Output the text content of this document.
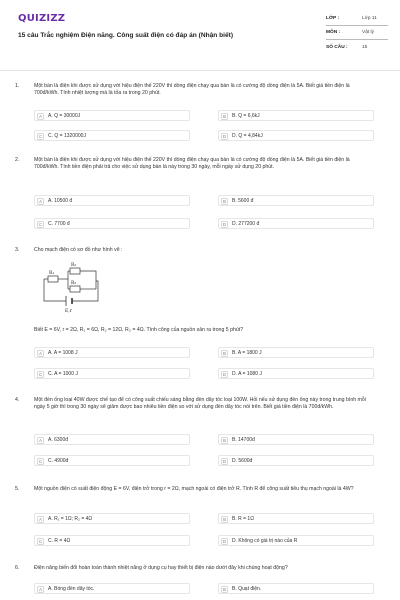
QUIZIZZ
15 câu Trắc nghiệm Điện năng. Công suất điện có đáp án (Nhận biết)
LỚP :	Lớp 11
MÔN :	Vật lý
SỐ CÂU :	15
1.	Một bàn là điện khi được sử dụng với hiệu điện thế 220V thì dòng điện chạy qua bàn là có cường độ dòng điện là 5A. Biết giá tiền điện là 700đ/kWh. Tính nhiệt lượng mà là tỏa ra trong 20 phút.
A	A. Q = 30000J	B	B. Q = 6,6kJ
C	C. Q = 1320000J	D	D. Q = 4,84kJ
2.	Một bàn là điện khi được sử dụng với hiệu điện thế 220V thì dòng điện chạy qua bàn là có cường độ dòng điện là 5A. Biết giá tiền điện là 700đ/kWh. Tính tiền điện phải trả cho việc sử dụng bàn là này trong 30 ngày, mỗi ngày sử dụng 20 phút.
A	A. 10500 đ	B	B. 5600 đ
C	C. 7700 đ	D	D. 277200 đ
3.	Cho mạch điện có sơ đồ như hình vẽ :
R₁
R₂
R₃
E,r
Biết E = 6V, r = 2Ω, R₁ = 6Ω, R₂ = 12Ω, R₃ = 4Ω. Tính công của nguồn sản ra trong 5 phút?
A	A. A = 1008 J	B	B. A = 1800 J
C	C. A = 1000 J	D	D. A = 1080 J
4.	Một đèn ống loại 40W được chế tạo để có công suất chiếu sáng bằng đèn dây tóc loại 100W. Hỏi nếu sử dụng đèn ống này trong trung bình mỗi ngày 5 giờ thì trong 30 ngày sẽ giảm được bao nhiêu tiền điện so với sử dụng đèn dây tóc nói trên. Biết giá tiền điện là 700đ/kWh.
A	A. 6300đ	B	B. 14700đ
C	C. 4900đ	D	D. 5600đ
5.	Một nguồn điện có suất điện động E = 6V, điện trở trong r = 2Ω, mạch ngoài có điện trở R. Tính R để công suất tiêu thụ mạch ngoài là 4W?
A	A. R₁ = 1Ω; R₂ = 4Ω	B	B. R = 1Ω
C	C. R = 4Ω	D	D. Không có giá trị nào của R
6.	Điện năng biến đổi hoàn toàn thành nhiệt năng ở dụng cụ hay thiết bị điện nào dưới đây khi chúng hoạt động?
A	A. Bóng đèn dây tóc.	B	B. Quạt điện.
